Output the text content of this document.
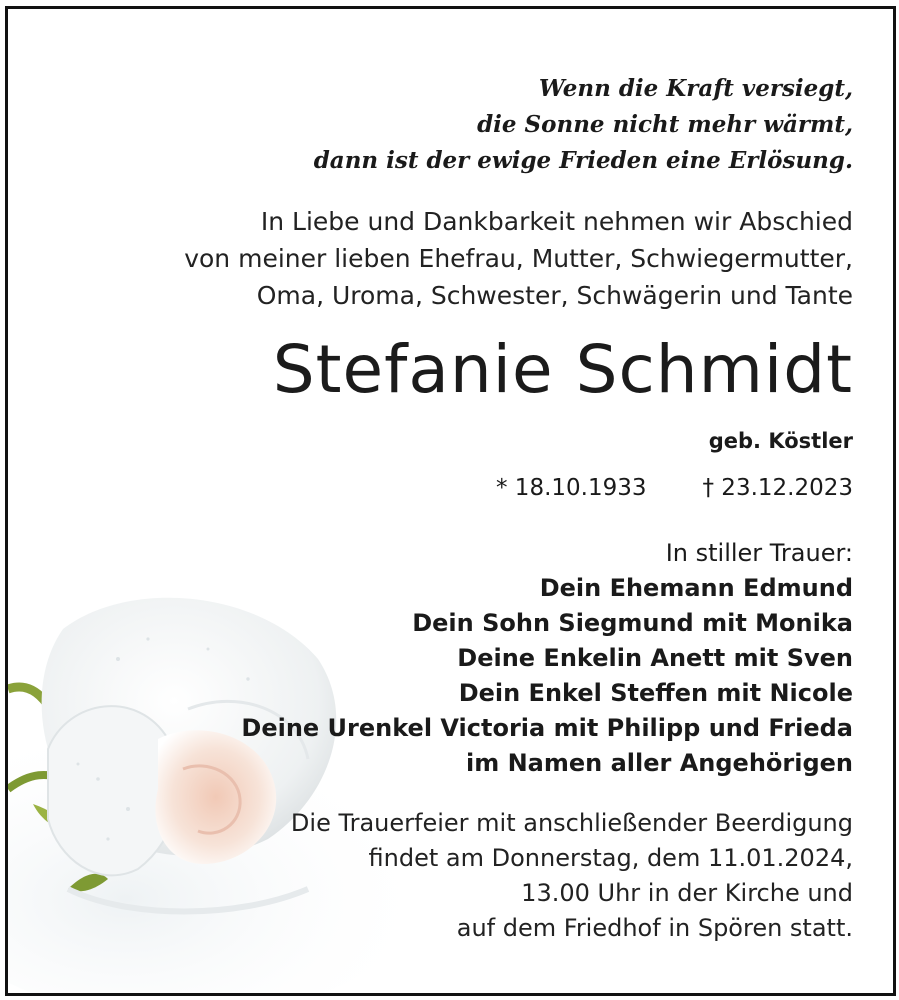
Wenn die Kraft versiegt,
die Sonne nicht mehr wärmt,
dann ist der ewige Frieden eine Erlösung.
In Liebe und Dankbarkeit nehmen wir Abschied
von meiner lieben Ehefrau, Mutter, Schwiegermutter,
Oma, Uroma, Schwester, Schwägerin und Tante
Stefanie Schmidt
geb. Köstler
* 18.10.1933 † 23.12.2023
In stiller Trauer:
Dein Ehemann Edmund
Dein Sohn Siegmund mit Monika
Deine Enkelin Anett mit Sven
Dein Enkel Steffen mit Nicole
Deine Urenkel Victoria mit Philipp und Frieda
im Namen aller Angehörigen
Die Trauerfeier mit anschließender Beerdigung
findet am Donnerstag, dem 11.01.2024,
13.00 Uhr in der Kirche und
auf dem Friedhof in Spören statt.
